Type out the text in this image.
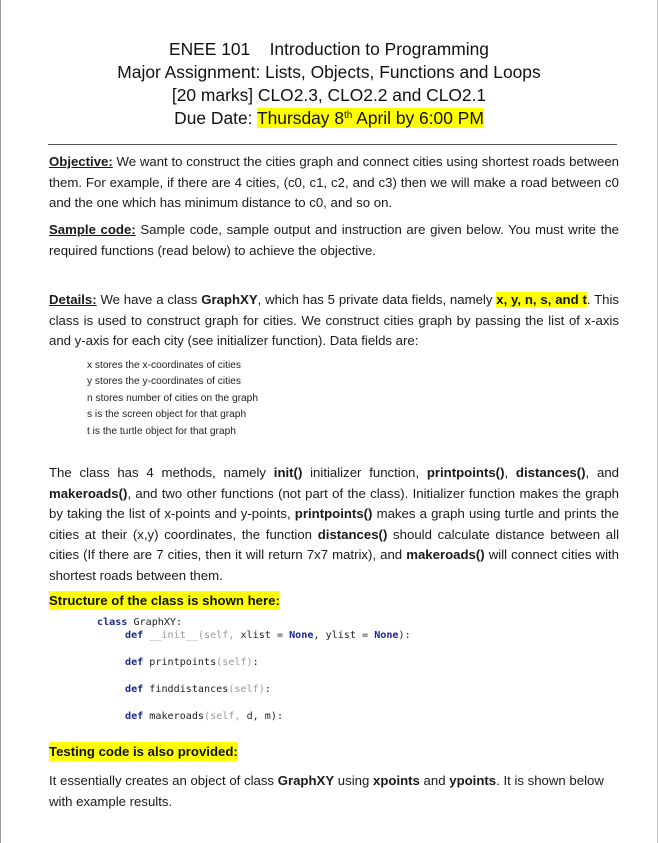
ENEE 101 Introduction to Programming
Major Assignment: Lists, Objects, Functions and Loops
[20 marks] CLO2.3, CLO2.2 and CLO2.1
Due Date: Thursday 8th April by 6:00 PM
Objective: We want to construct the cities graph and connect cities using shortest roads between them. For example, if there are 4 cities, (c0, c1, c2, and c3) then we will make a road between c0 and the one which has minimum distance to c0, and so on.
Sample code: Sample code, sample output and instruction are given below. You must write the required functions (read below) to achieve the objective.
Details: We have a class GraphXY, which has 5 private data fields, namely x, y, n, s, and t. This class is used to construct graph for cities. We construct cities graph by passing the list of x-axis and y-axis for each city (see initializer function). Data fields are:
x stores the x-coordinates of cities
y stores the y-coordinates of cities
n stores number of cities on the graph
s is the screen object for that graph
t is the turtle object for that graph
The class has 4 methods, namely init() initializer function, printpoints(), distances(), and makeroads(), and two other functions (not part of the class). Initializer function makes the graph by taking the list of x-points and y-points, printpoints() makes a graph using turtle and prints the cities at their (x,y) coordinates, the function distances() should calculate distance between all cities (If there are 7 cities, then it will return 7x7 matrix), and makeroads() will connect cities with shortest roads between them.
Structure of the class is shown here:
class GraphXY:
def __init__(self, xlist = None, ylist = None):
def printpoints(self):
def finddistances(self):
def makeroads(self, d, m):
Testing code is also provided:
It essentially creates an object of class GraphXY using xpoints and ypoints. It is shown below with example results.
